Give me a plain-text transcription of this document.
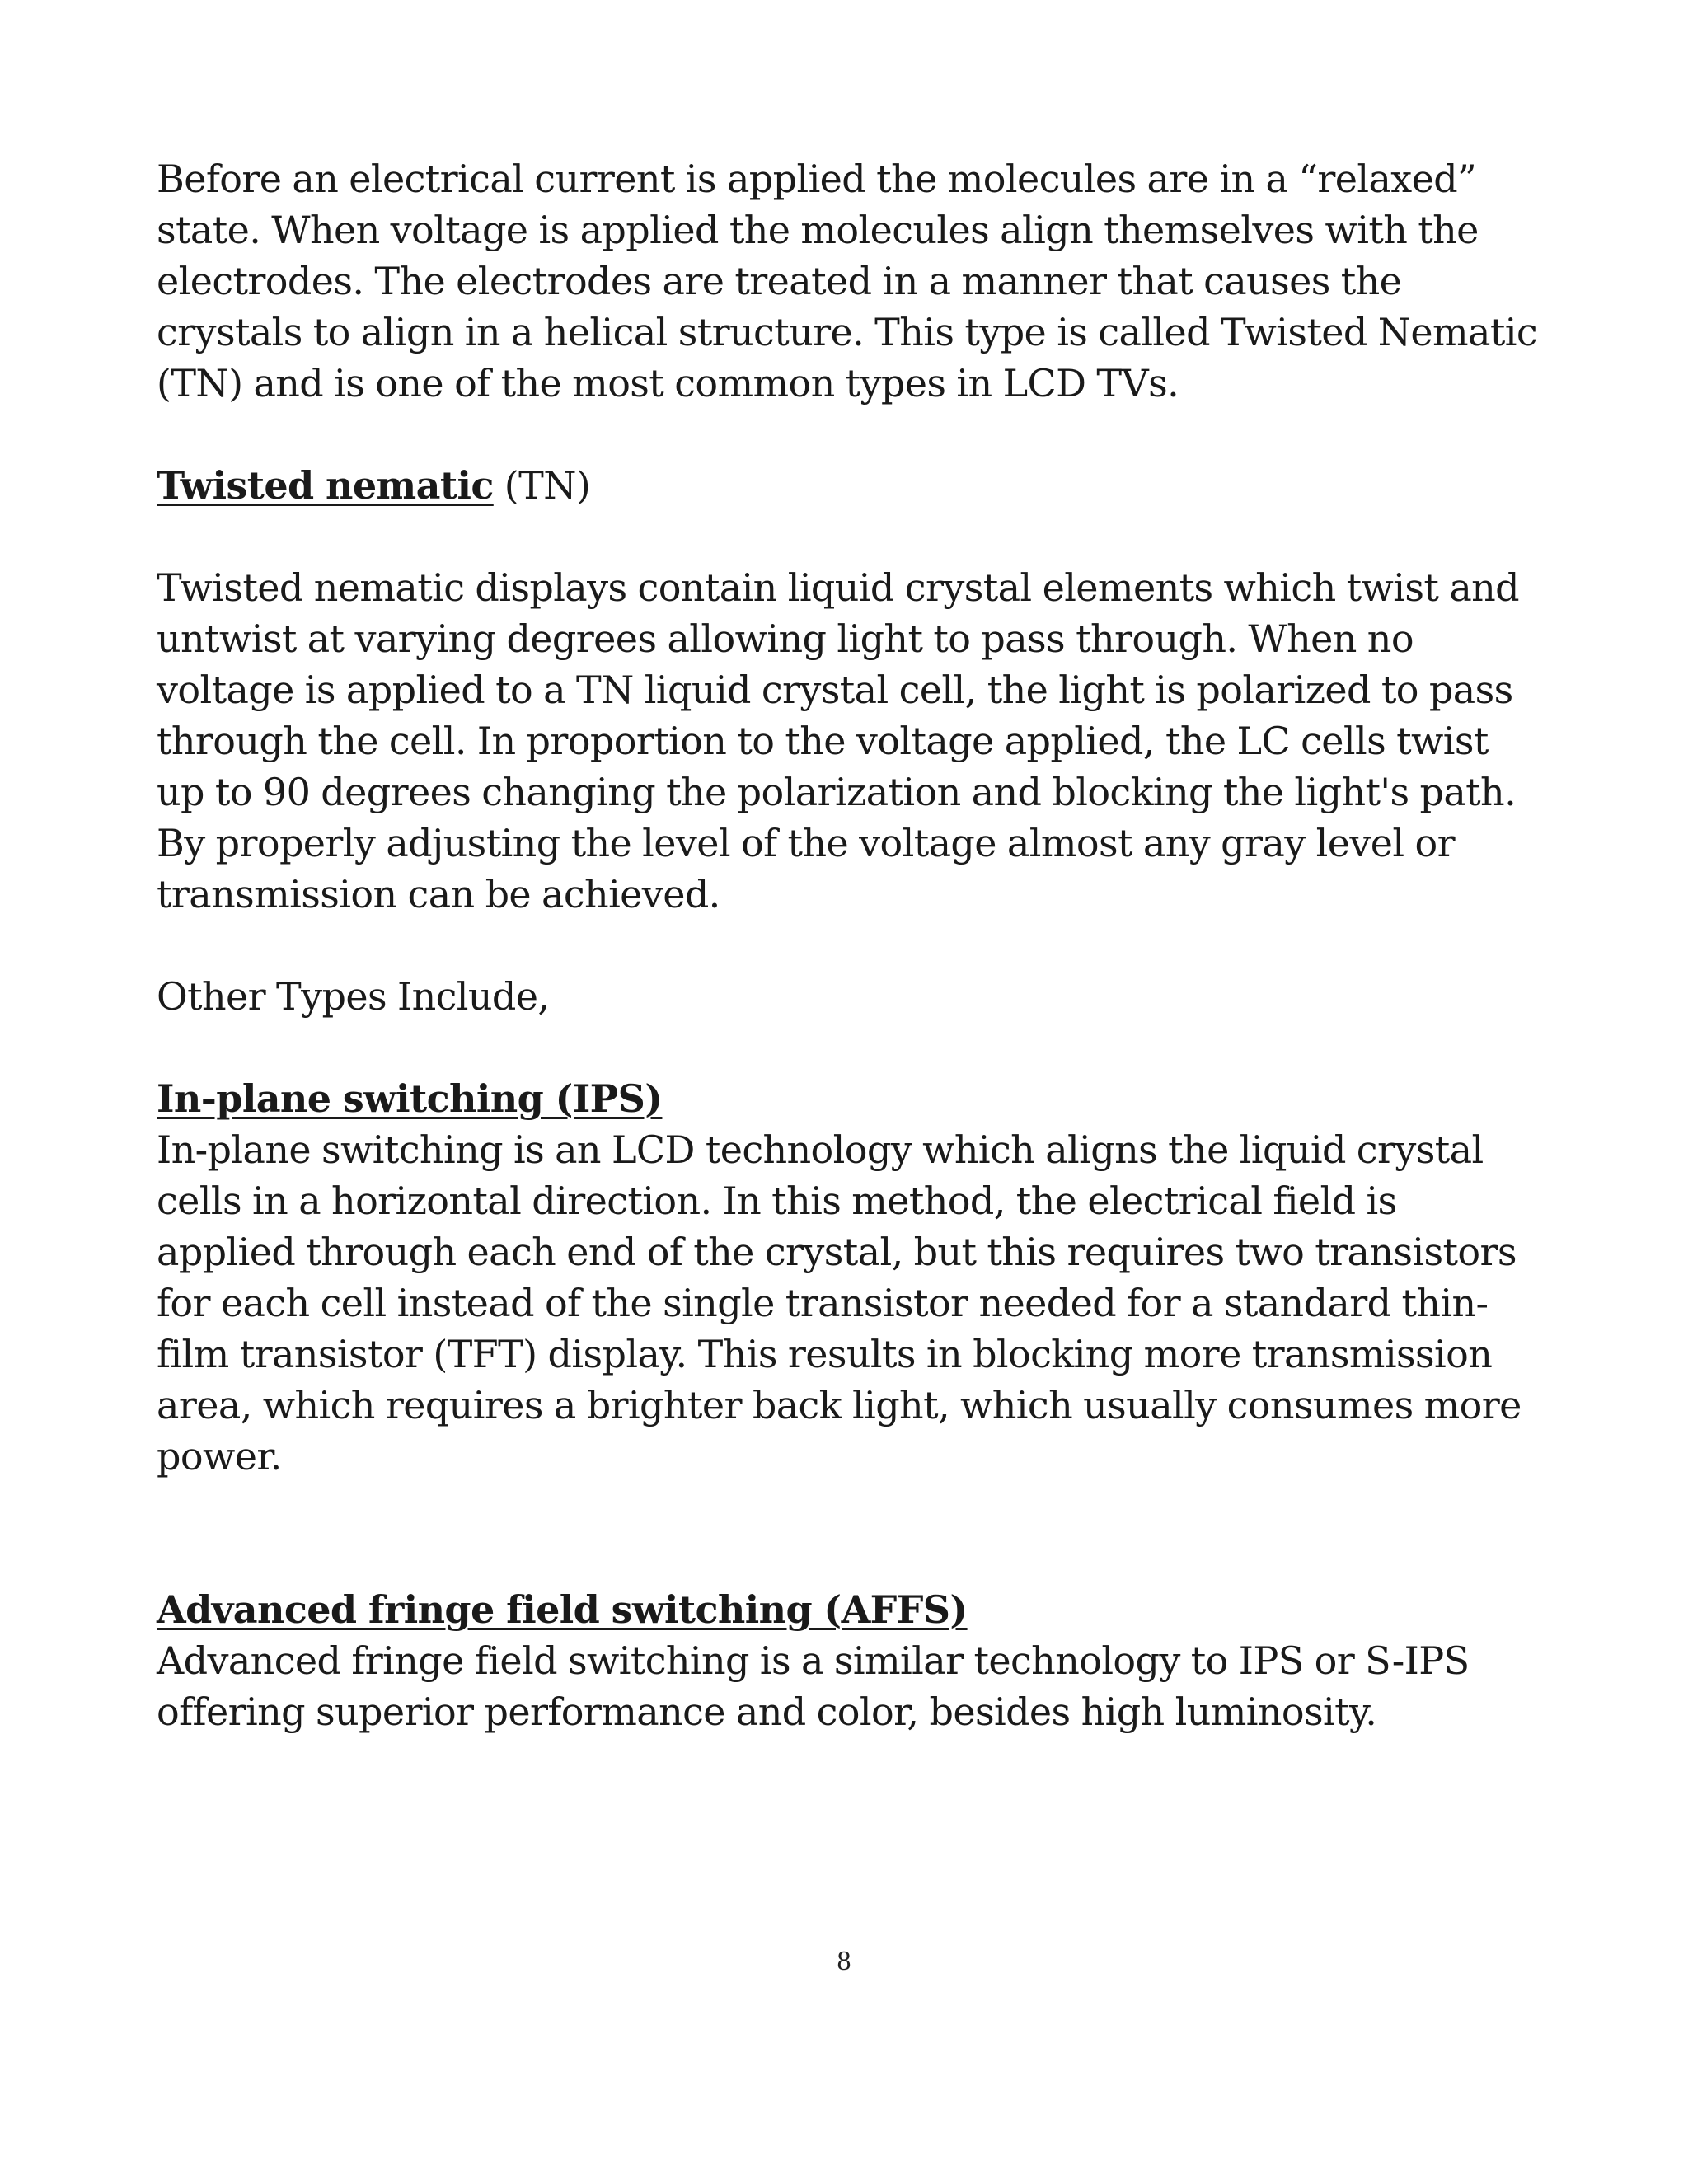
Before an electrical current is applied the molecules are in a “relaxed” state. When voltage is applied the molecules align themselves with the electrodes. The electrodes are treated in a manner that causes the crystals to align in a helical structure. This type is called Twisted Nematic (TN) and is one of the most common types in LCD TVs.

Twisted nematic (TN)

Twisted nematic displays contain liquid crystal elements which twist and untwist at varying degrees allowing light to pass through. When no voltage is applied to a TN liquid crystal cell, the light is polarized to pass through the cell. In proportion to the voltage applied, the LC cells twist up to 90 degrees changing the polarization and blocking the light's path. By properly adjusting the level of the voltage almost any gray level or transmission can be achieved.

Other Types Include,

In-plane switching (IPS)

In-plane switching is an LCD technology which aligns the liquid crystal cells in a horizontal direction. In this method, the electrical field is applied through each end of the crystal, but this requires two transistors for each cell instead of the single transistor needed for a standard thin-film transistor (TFT) display. This results in blocking more transmission area, which requires a brighter back light, which usually consumes more power.

Advanced fringe field switching (AFFS)

Advanced fringe field switching is a similar technology to IPS or S-IPS offering superior performance and color, besides high luminosity.

8
